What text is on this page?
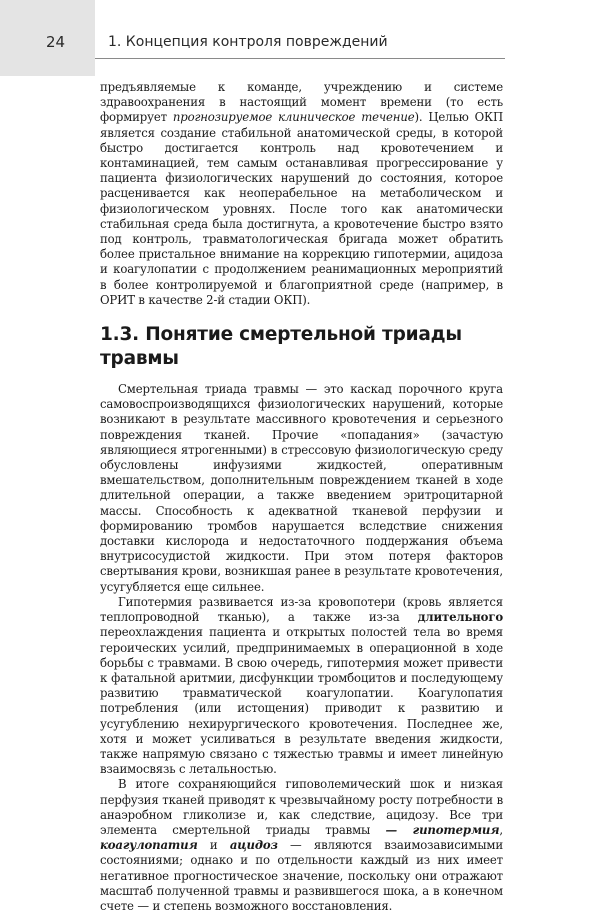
24	1. Концепция контроля повреждений

предъявляемые к команде, учреждению и системе здравоохранения в настоящий момент времени (то есть формирует прогнозируемое клиническое течение). Целью ОКП является создание стабильной анатомической среды, в которой быстро достигается контроль над кровотечением и контаминацией, тем самым останавливая прогрессирование у пациента физиологических нарушений до состояния, которое расценивается как неоперабельное на метаболическом и физиологическом уровнях. После того как анатомически стабильная среда была достигнута, а кровотечение быстро взято под контроль, травматологическая бригада может обратить более пристальное внимание на коррекцию гипотермии, ацидоза и коагулопатии с продолжением реанимационных мероприятий в более контролируемой и благоприятной среде (например, в ОРИТ в качестве 2-й стадии ОКП).

1.3. Понятие смертельной триады травмы

Смертельная триада травмы — это каскад порочного круга самовоспроизводящихся физиологических нарушений, которые возникают в результате массивного кровотечения и серьезного повреждения тканей. Прочие «попадания» (зачастую являющиеся ятрогенными) в стрессовую физиологическую среду обусловлены инфузиями жидкостей, оперативным вмешательством, дополнительным повреждением тканей в ходе длительной операции, а также введением эритроцитарной массы. Способность к адекватной тканевой перфузии и формированию тромбов нарушается вследствие снижения доставки кислорода и недостаточного поддержания объема внутрисосудистой жидкости. При этом потеря факторов свертывания крови, возникшая ранее в результате кровотечения, усугубляется еще сильнее.

Гипотермия развивается из-за кровопотери (кровь является теплопроводной тканью), а также из-за длительного переохлаждения пациента и открытых полостей тела во время героических усилий, предпринимаемых в операционной в ходе борьбы с травмами. В свою очередь, гипотермия может привести к фатальной аритмии, дисфункции тромбоцитов и последующему развитию травматической коагулопатии. Коагулопатия потребления (или истощения) приводит к развитию и усугублению нехирургического кровотечения. Последнее же, хотя и может усиливаться в результате введения жидкости, также напрямую связано с тяжестью травмы и имеет линейную взаимосвязь с летальностью.

В итоге сохраняющийся гиповолемический шок и низкая перфузия тканей приводят к чрезвычайному росту потребности в анаэробном гликолизе и, как следствие, ацидозу. Все три элемента смертельной триады травмы — гипотермия, коагулопатия и ацидоз — являются взаимозависимыми состояниями; однако и по отдельности каждый из них имеет негативное прогностическое значение, поскольку они отражают масштаб полученной травмы и развившегося шока, а в конечном счете — и степень возможного восстановления.
